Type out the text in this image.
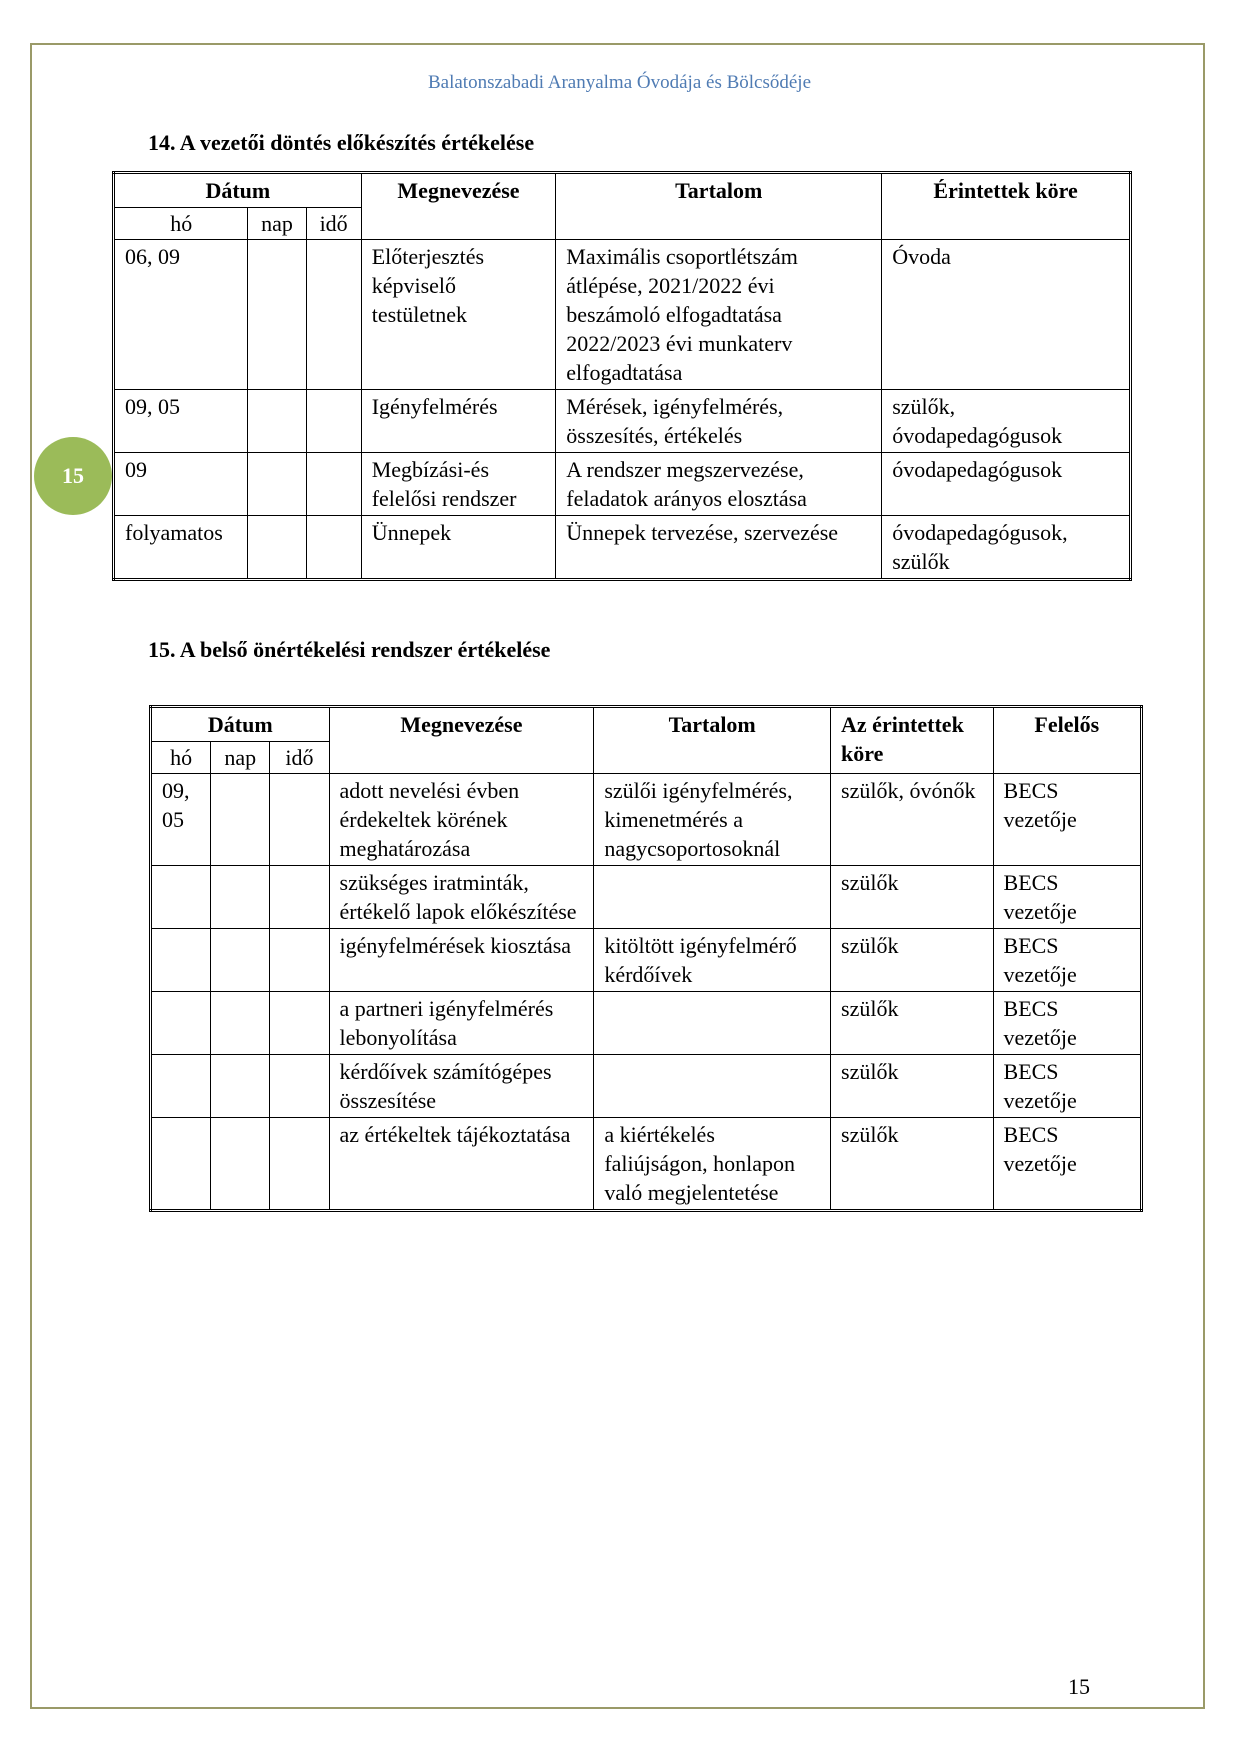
Balatonszabadi Aranyalma Óvodája és Bölcsődéje
14. A vezetői döntés előkészítés értékelése
Dátum			Megnevezése	Tartalom	Érintettek köre
hó	nap	idő			
06, 09			Előterjesztés képviselő testületnek	Maximális csoportlétszám átlépése, 2021/2022 évi beszámoló elfogadtatása 2022/2023 évi munkaterv elfogadtatása	Óvoda
09, 05			Igényfelmérés	Mérések, igényfelmérés, összesítés, értékelés	szülők, óvodapedagógusok
09			Megbízási-és felelősi rendszer	A rendszer megszervezése, feladatok arányos elosztása	óvodapedagógusok
folyamatos			Ünnepek	Ünnepek tervezése, szervezése	óvodapedagógusok, szülők
15
15. A belső önértékelési rendszer értékelése
Dátum			Megnevezése	Tartalom	Az érintettek köre	Felelős
hó	nap	idő				
09, 05			adott nevelési évben érdekeltek körének meghatározása	szülői igényfelmérés, kimenetmérés a nagycsoportosoknál	szülők, óvónők	BECS vezetője
			szükséges iratminták, értékelő lapok előkészítése		szülők	BECS vezetője
			igényfelmérések kiosztása	kitöltött igényfelmérő kérdőívek	szülők	BECS vezetője
			a partneri igényfelmérés lebonyolítása		szülők	BECS vezetője
			kérdőívek számítógépes összesítése		szülők	BECS vezetője
			az értékeltek tájékoztatása	a kiértékelés faliújságon, honlapon való megjelentetése	szülők	BECS vezetője
15
